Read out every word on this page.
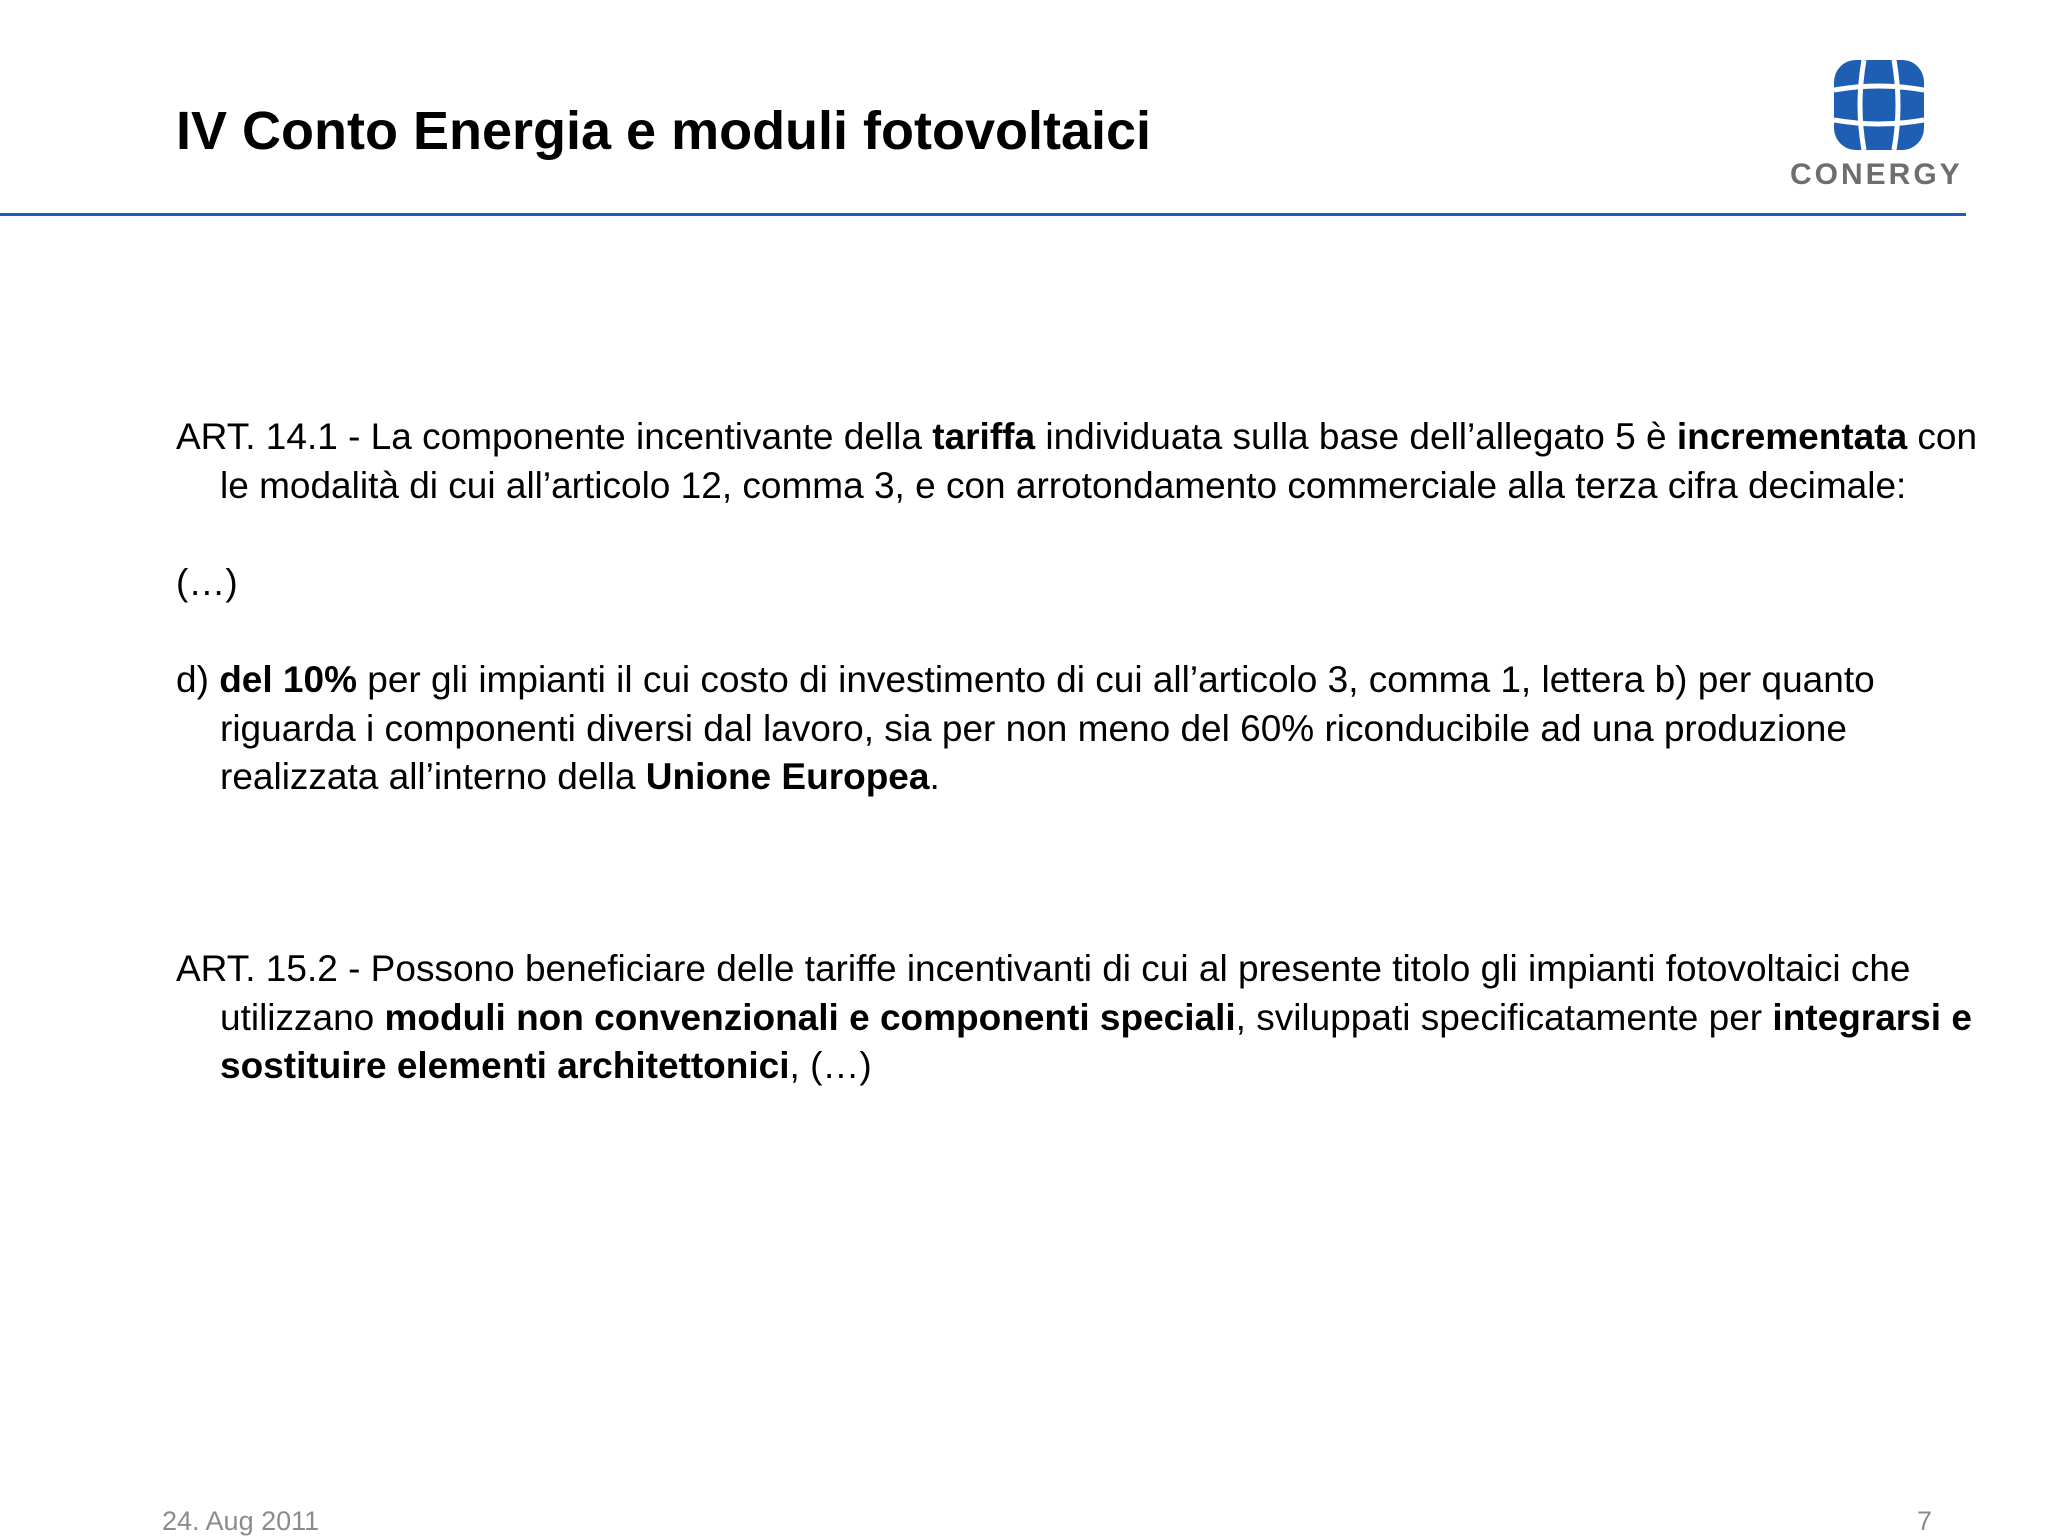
IV Conto Energia e moduli fotovoltaici
CONERGY

ART. 14.1 - La componente incentivante della tariffa individuata sulla base dell’allegato 5 è incrementata con le modalità di cui all’articolo 12, comma 3, e con arrotondamento commerciale alla terza cifra decimale:

(…)

d) del 10% per gli impianti il cui costo di investimento di cui all’articolo 3, comma 1, lettera b) per quanto riguarda i componenti diversi dal lavoro, sia per non meno del 60% riconducibile ad una produzione realizzata all’interno della Unione Europea.

ART. 15.2 - Possono beneficiare delle tariffe incentivanti di cui al presente titolo gli impianti fotovoltaici che utilizzano moduli non convenzionali e componenti speciali, sviluppati specificatamente per integrarsi e sostituire elementi architettonici, (…)

24. Aug 2011	7
